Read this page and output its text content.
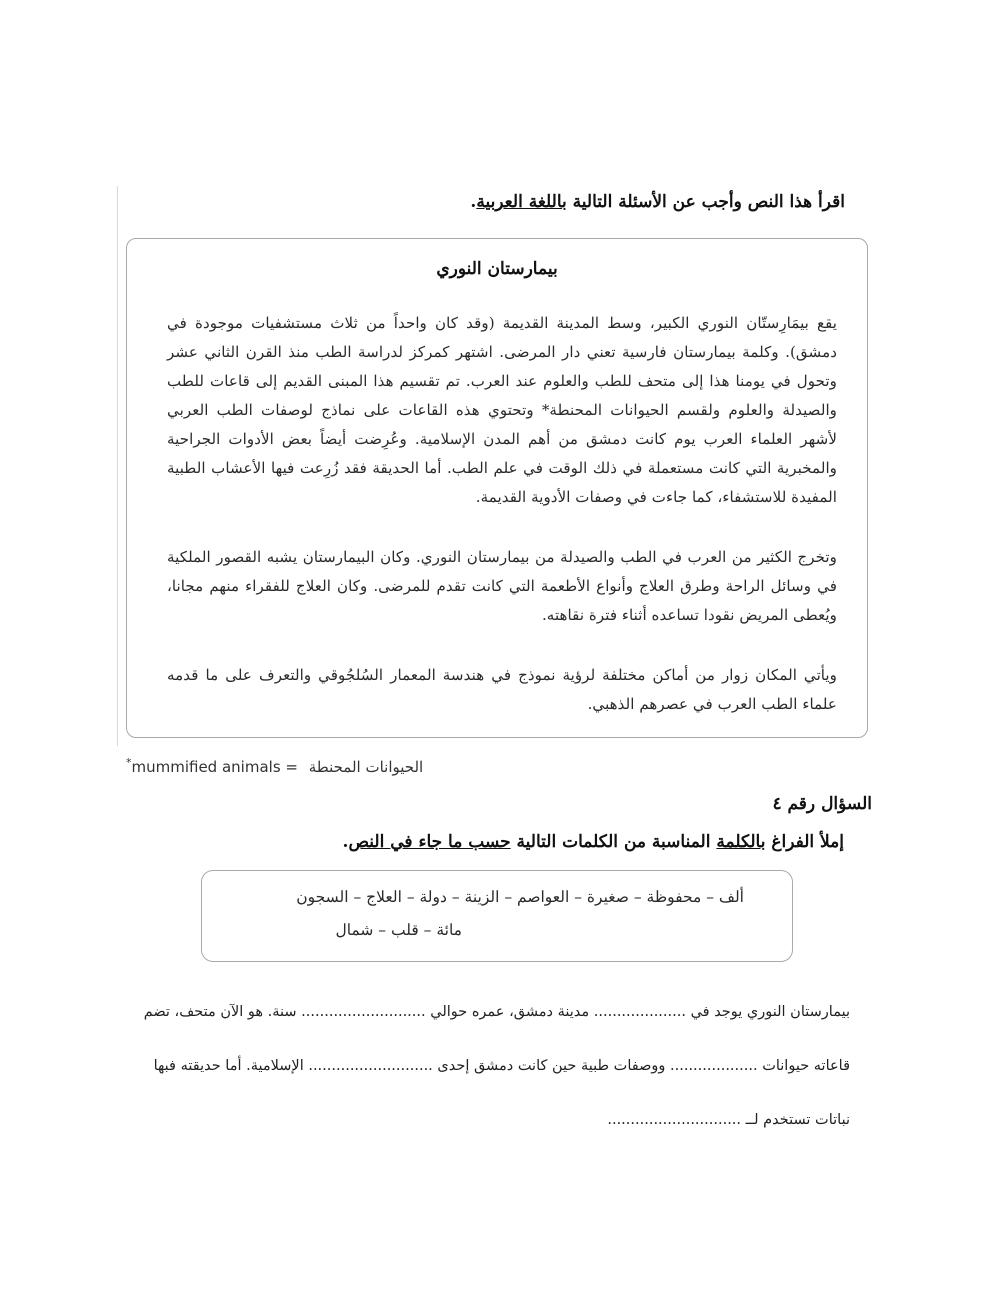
اقرأ هذا النص وأجب عن الأسئلة التالية باللغة العربية.
بيمارستان النوري
يقع بيمَارِستّان النوري الكبير، وسط المدينة القديمة (وقد كان واحداً من ثلاث مستشفيات موجودة في دمشق). وكلمة بيمارستان فارسية تعني دار المرضى. اشتهر كمركز لدراسة الطب منذ القرن الثاني عشر وتحول في يومنا هذا إلى متحف للطب والعلوم عند العرب. تم تقسيم هذا المبنى القديم إلى قاعات للطب والصيدلة والعلوم ولقسم الحيوانات المحنطة* وتحتوي هذه القاعات على نماذج لوصفات الطب العربي لأشهر العلماء العرب يوم كانت دمشق من أهم المدن الإسلامية. وعُرِضت أيضاً بعض الأدوات الجراحية والمخبرية التي كانت مستعملة في ذلك الوقت في علم الطب. أما الحديقة فقد زُرِعت فيها الأعشاب الطبية المفيدة للاستشفاء، كما جاءت في وصفات الأدوية القديمة.
وتخرج الكثير من العرب في الطب والصيدلة من بيمارستان النوري. وكان البيمارستان يشبه القصور الملكية في وسائل الراحة وطرق العلاج وأنواع الأطعمة التي كانت تقدم للمرضى. وكان العلاج للفقراء منهم مجانا، ويُعطى المريض نقودا تساعده أثناء فترة نقاهته.
ويأتي المكان زوار من أماكن مختلفة لرؤية نموذج في هندسة المعمار السُلجُوقي والتعرف على ما قدمه علماء الطب العرب في عصرهم الذهبي.
*mummified animals = الحيوانات المحنطة
السؤال رقم ٤
إملأ الفراغ بالكلمة المناسبة من الكلمات التالية حسب ما جاء في النص.
ألف – محفوظة – صغيرة – العواصم – الزينة – دولة – العلاج – السجون
مائة – قلب – شمال
بيمارستان النوري يوجد في .................... مدينة دمشق، عمره حوالي ........................... سنة. هو الآن متحف، تضم
قاعاته حيوانات ................... ووصفات طبية حين كانت دمشق إحدى ........................... الإسلامية. أما حديقته فبها
نباتات تستخدم لــ .............................
